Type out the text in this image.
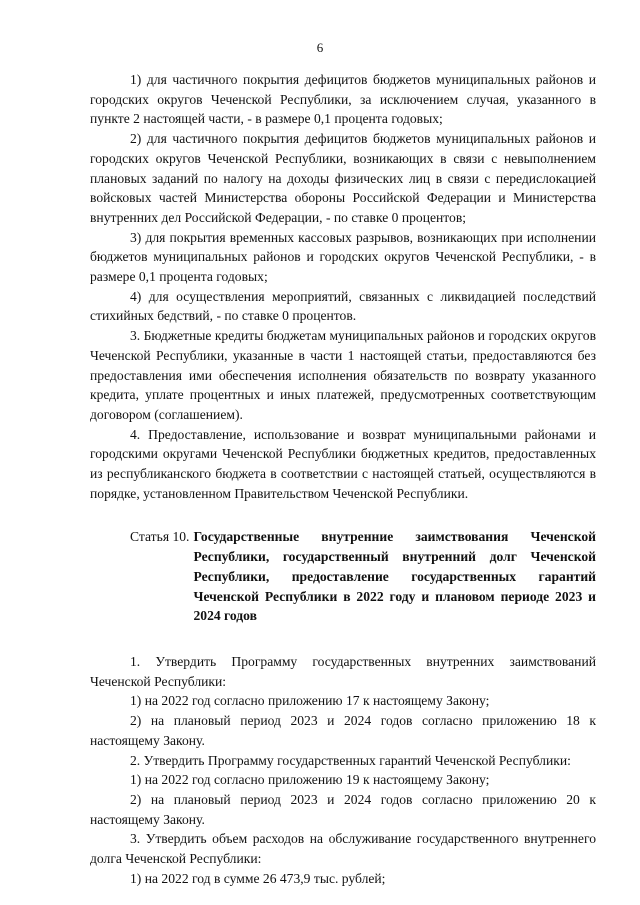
6

1) для частичного покрытия дефицитов бюджетов муниципальных районов и городских округов Чеченской Республики, за исключением случая, указанного в пункте 2 настоящей части, - в размере 0,1 процента годовых;

2) для частичного покрытия дефицитов бюджетов муниципальных районов и городских округов Чеченской Республики, возникающих в связи с невыполнением плановых заданий по налогу на доходы физических лиц в связи с передислокацией войсковых частей Министерства обороны Российской Федерации и Министерства внутренних дел Российской Федерации, - по ставке 0 процентов;

3) для покрытия временных кассовых разрывов, возникающих при исполнении бюджетов муниципальных районов и городских округов Чеченской Республики, - в размере 0,1 процента годовых;

4) для осуществления мероприятий, связанных с ликвидацией последствий стихийных бедствий, - по ставке 0 процентов.

3. Бюджетные кредиты бюджетам муниципальных районов и городских округов Чеченской Республики, указанные в части 1 настоящей статьи, предоставляются без предоставления ими обеспечения исполнения обязательств по возврату указанного кредита, уплате процентных и иных платежей, предусмотренных соответствующим договором (соглашением).

4. Предоставление, использование и возврат муниципальными районами и городскими округами Чеченской Республики бюджетных кредитов, предоставленных из республиканского бюджета в соответствии с настоящей статьей, осуществляются в порядке, установленном Правительством Чеченской Республики.

Статья 10. Государственные внутренние заимствования Чеченской Республики, государственный внутренний долг Чеченской Республики, предоставление государственных гарантий Чеченской Республики в 2022 году и плановом периоде 2023 и 2024 годов

1. Утвердить Программу государственных внутренних заимствований Чеченской Республики:

1) на 2022 год согласно приложению 17 к настоящему Закону;

2) на плановый период 2023 и 2024 годов согласно приложению 18 к настоящему Закону.

2. Утвердить Программу государственных гарантий Чеченской Республики:

1) на 2022 год согласно приложению 19 к настоящему Закону;

2) на плановый период 2023 и 2024 годов согласно приложению 20 к настоящему Закону.

3. Утвердить объем расходов на обслуживание государственного внутреннего долга Чеченской Республики:

1) на 2022 год в сумме 26 473,9 тыс. рублей;
